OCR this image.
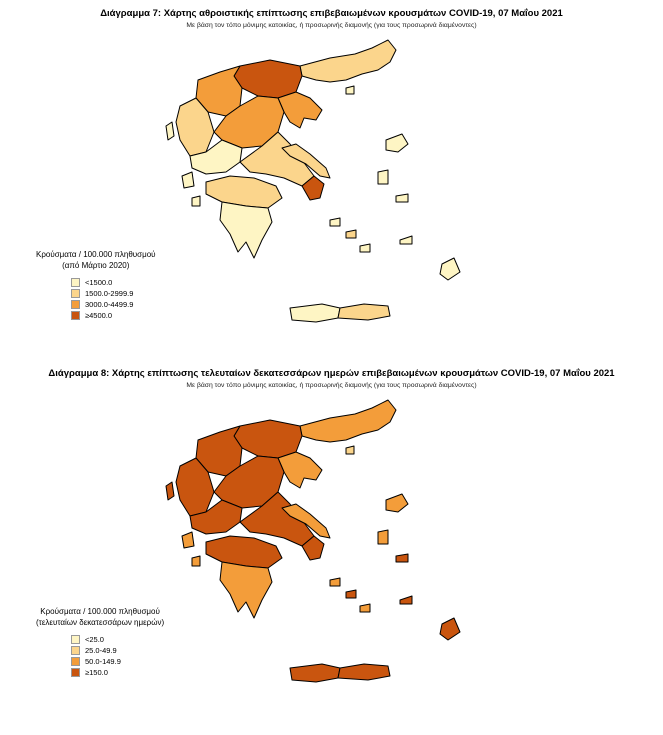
Διάγραμμα 7: Χάρτης αθροιστικής επίπτωσης επιβεβαιωμένων κρουσμάτων COVID-19, 07 Μαΐου 2021
Με βάση τον τόπο μόνιμης κατοικίας, ή προσωρινής διαμονής (για τους προσωρινά διαμένοντες)
Κρούσματα / 100.000 πληθυσμού
(από Μάρτιο 2020)
<1500.0
1500.0-2999.9
3000.0-4499.9
≥4500.0
Διάγραμμα 8: Χάρτης επίπτωσης τελευταίων δεκατεσσάρων ημερών επιβεβαιωμένων κρουσμάτων COVID-19, 07 Μαΐου 2021
Με βάση τον τόπο μόνιμης κατοικίας, ή προσωρινής διαμονής (για τους προσωρινά διαμένοντες)
Κρούσματα / 100.000 πληθυσμού
(τελευταίων δεκατεσσάρων ημερών)
<25.0
25.0-49.9
50.0-149.9
≥150.0
